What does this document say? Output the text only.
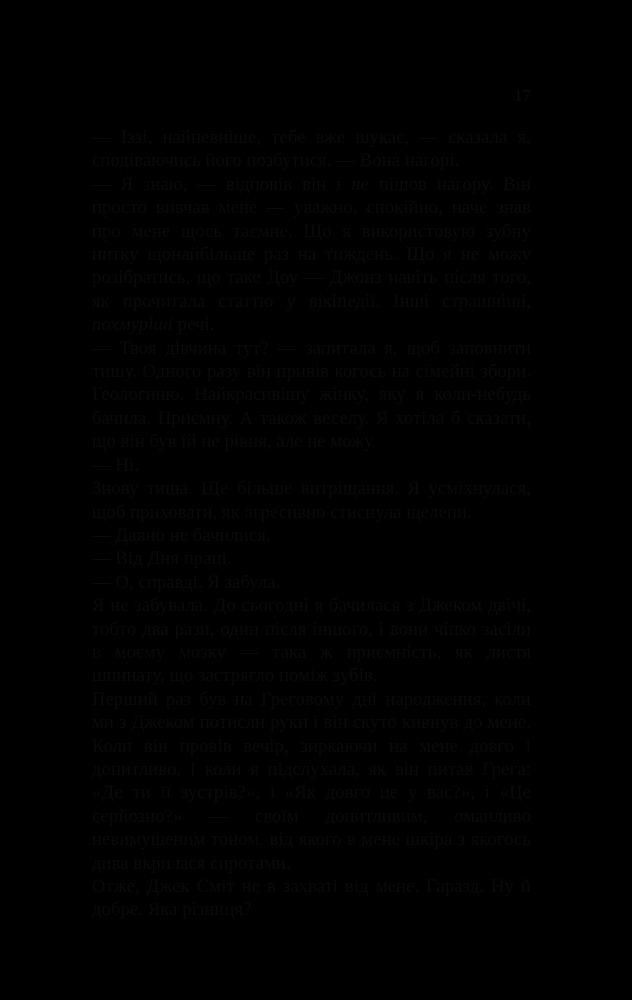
17

— Іззі, найпевніше, тебе вже шукає, — сказала я, сподіваючись його позбутися. — Вона нагорі.

— Я знаю, — відповів він і не пішов нагору. Він просто вивчав мене — уважно, спокійно, наче знав про мене щось таємне. Що я використовую зубну нитку щонайбільше раз на тиждень. Що я не можу розібратись, що таке Доу — Джонз навіть після того, як прочитала статтю у вікіпедії. Інші страшніші, похмуріші речі.

— Твоя дівчина тут? — запитала я, щоб заповнити тишу. Одного разу він привів когось на сімейні збори. Геологиню. Найкрасивішу жінку, яку я коли-небудь бачила. Приємну. А також веселу. Я хотіла б сказати, що він був їй не рівня, але не можу.

— Ні.

Знову тиша. Ще більше витріщання. Я усміхнулася, щоб приховати, як агресивно стиснула щелепи.

— Давно не бачилися.

— Від Дня праці.

— О, справді. Я забула.

Я не забувала. До сьогодні я бачилася з Джеком двічі, тобто два рази, один після іншого, і вони чіпко засіли в моєму мозку — така ж приємність, як листя шпинату, що застрягло поміж зубів.

Перший раз був на Греговому дні народження, коли ми з Джеком потисли руки і він скуто кивнув до мене. Коли він провів вечір, зиркаючи на мене довго і допитливо. І коли я підслухала, як він питав Грега: «Де ти її зустрів?», і «Як довго це у вас?», і «Це серйозно?» — своїм допитливим, оманливо невимушеним тоном, від якого в мене шкіра з якогось дива вкрилася сиротами.

Отже, Джек Сміт не в захваті від мене. Гаразд. Ну й добре. Яка різниця?
